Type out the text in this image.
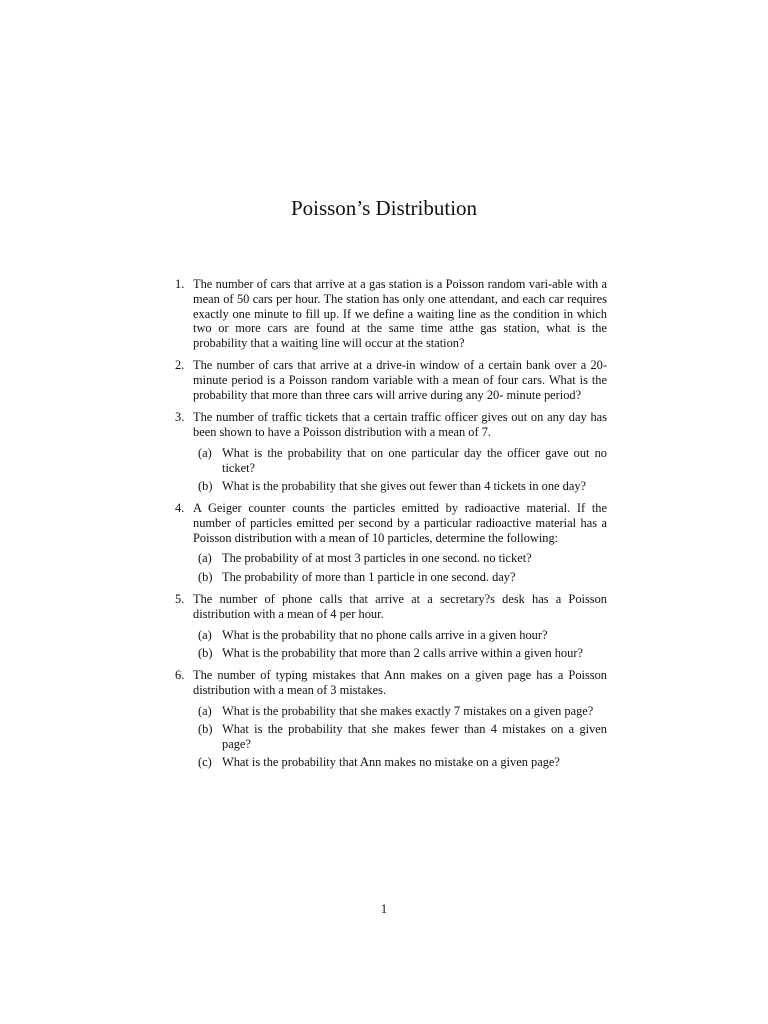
Poisson’s Distribution
1. The number of cars that arrive at a gas station is a Poisson random vari-able with a mean of 50 cars per hour. The station has only one attendant, and each car requires exactly one minute to fill up. If we define a waiting line as the condition in which two or more cars are found at the same time atthe gas station, what is the probability that a waiting line will occur at the station?
2. The number of cars that arrive at a drive-in window of a certain bank over a 20-minute period is a Poisson random variable with a mean of four cars. What is the probability that more than three cars will arrive during any 20- minute period?
3. The number of traffic tickets that a certain traffic officer gives out on any day has been shown to have a Poisson distribution with a mean of 7.
(a) What is the probability that on one particular day the officer gave out no ticket?
(b) What is the probability that she gives out fewer than 4 tickets in one day?
4. A Geiger counter counts the particles emitted by radioactive material. If the number of particles emitted per second by a particular radioactive material has a Poisson distribution with a mean of 10 particles, determine the following:
(a) The probability of at most 3 particles in one second. no ticket?
(b) The probability of more than 1 particle in one second. day?
5. The number of phone calls that arrive at a secretary?s desk has a Poisson distribution with a mean of 4 per hour.
(a) What is the probability that no phone calls arrive in a given hour?
(b) What is the probability that more than 2 calls arrive within a given hour?
6. The number of typing mistakes that Ann makes on a given page has a Poisson distribution with a mean of 3 mistakes.
(a) What is the probability that she makes exactly 7 mistakes on a given page?
(b) What is the probability that she makes fewer than 4 mistakes on a given page?
(c) What is the probability that Ann makes no mistake on a given page?
1
